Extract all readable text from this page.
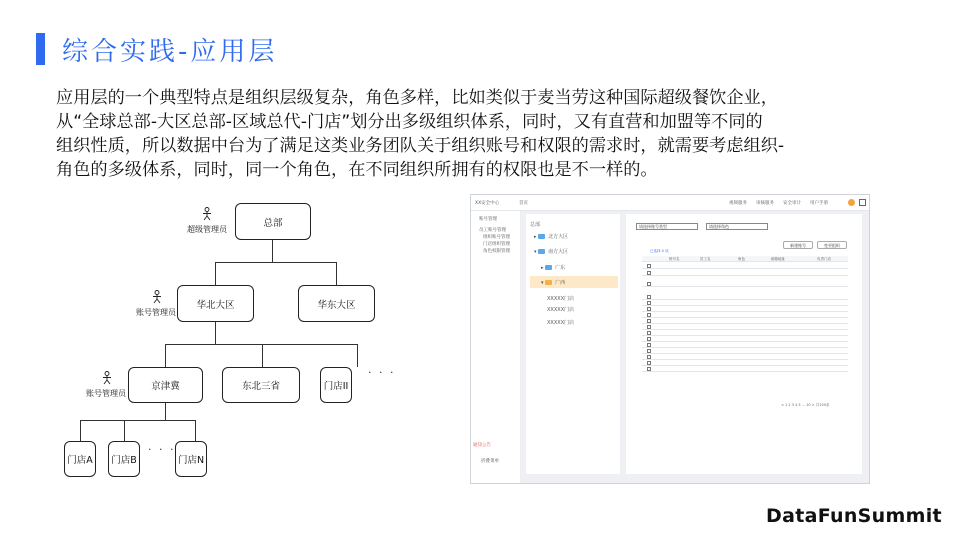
综合实践-应用层
应用层的一个典型特点是组织层级复杂，角色多样，比如类似于麦当劳这种国际超级餐饮企业，
从“全球总部-大区总部-区域总代-门店”划分出多级组织体系，同时，又有直营和加盟等不同的
组织性质，所以数据中台为了满足这类业务团队关于组织账号和权限的需求时，就需要考虑组织-
角色的多级体系，同时，同一个角色，在不同组织所拥有的权限也是不一样的。
总部
华北大区	华东大区
京津冀	东北三省	门店II
门店A	门店B	门店N
· · ·
· · ·
超级管理员
账号管理员
账号管理员
XX安全中心	首页	视频服务 审核服务 安全审计 用户手册
账号管理
员工账号管理
组织账号管理
门店组织管理
角色权限管理
通知公告
折叠菜单
总部
▸ 北方大区
▾ 南方大区
▸ 广东
▾ 广西
XXXXX门店
XXXXX门店
XXXXX门店
请选择账号类型	请选择角色
新建账号	变更组织
已选择 0 项
账号名	员工名	角色	邮箱地址	负责门店
< 1 2 3 4 5 ... 10 > 共100条
DataFunSummit
